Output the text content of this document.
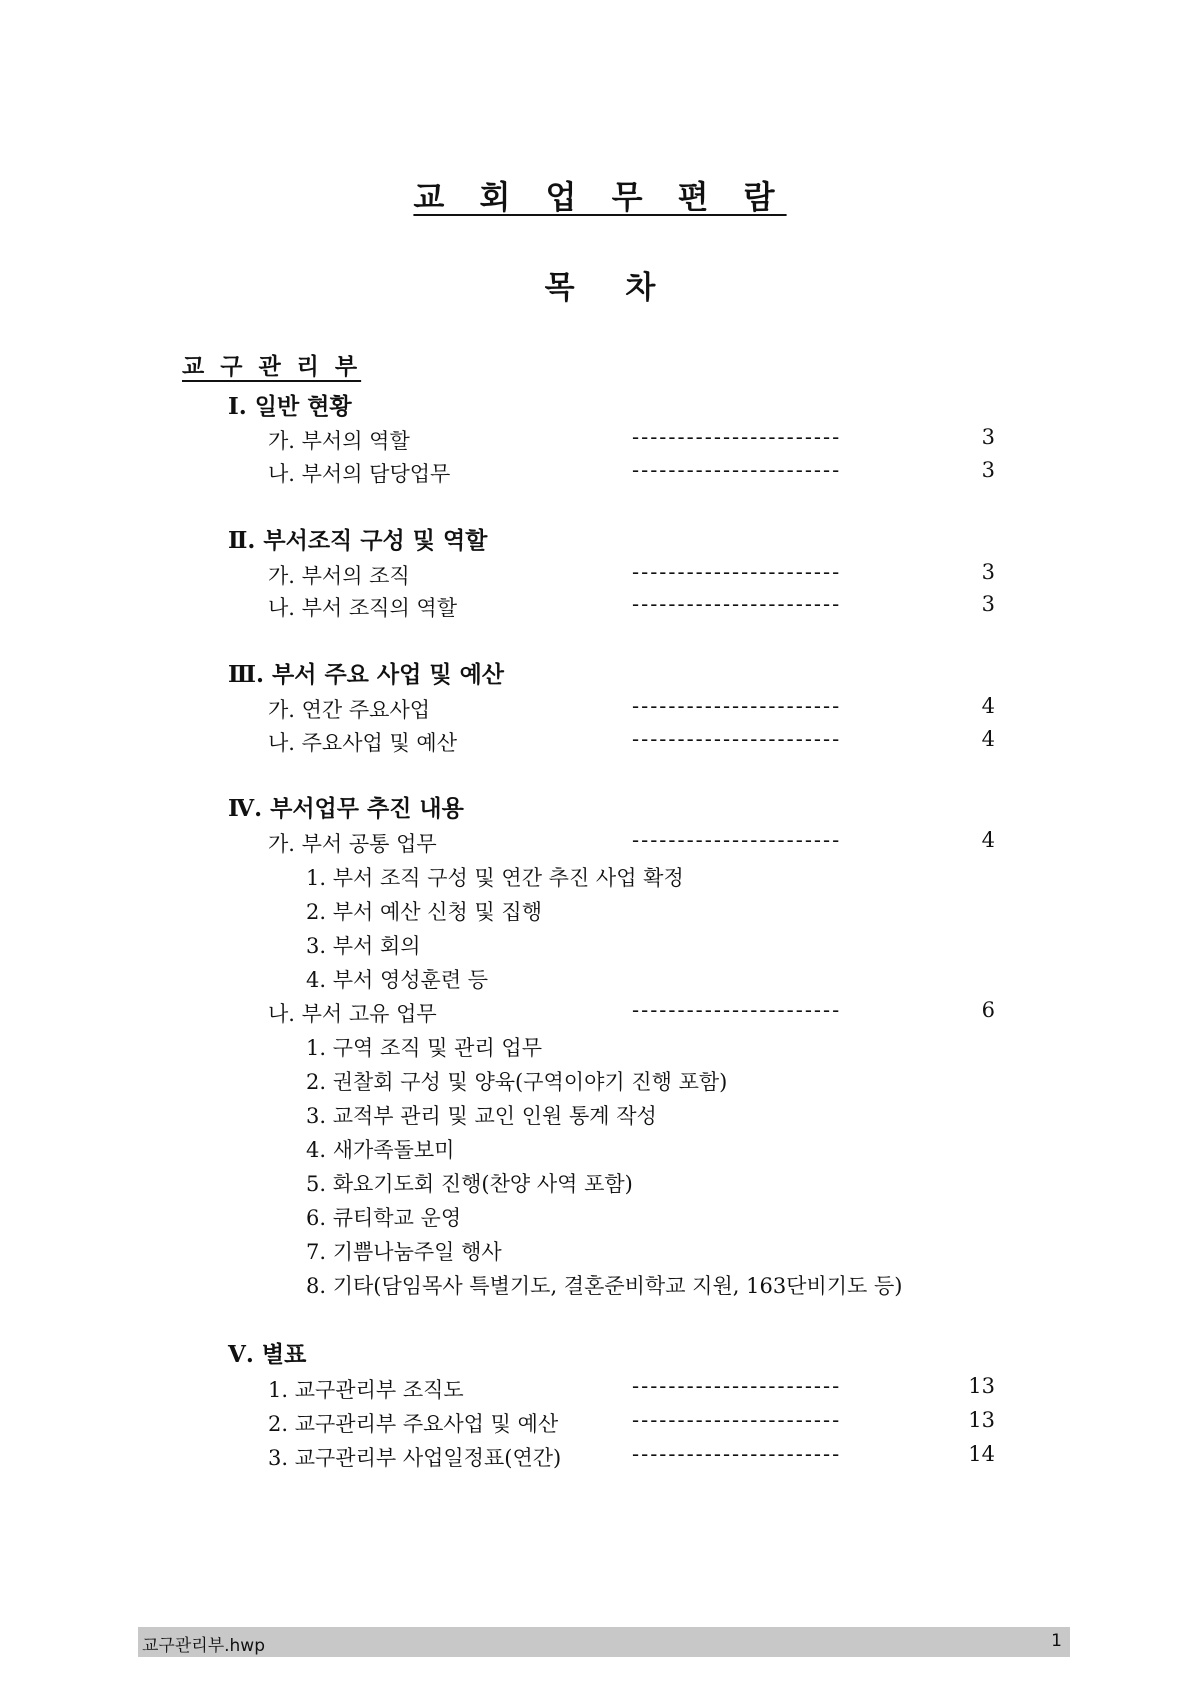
교 회 업 무 편 람
목 차
교 구 관 리 부
Ⅰ. 일반 현황
가. 부서의 역할	-----------------------	3
나. 부서의 담당업무	-----------------------	3
Ⅱ. 부서조직 구성 및 역할
가. 부서의 조직	-----------------------	3
나. 부서 조직의 역할	-----------------------	3
Ⅲ. 부서 주요 사업 및 예산
가. 연간 주요사업	-----------------------	4
나. 주요사업 및 예산	-----------------------	4
Ⅳ. 부서업무 추진 내용
가. 부서 공통 업무	-----------------------	4
1. 부서 조직 구성 및 연간 추진 사업 확정
2. 부서 예산 신청 및 집행
3. 부서 회의
4. 부서 영성훈련 등
나. 부서 고유 업무	-----------------------	6
1. 구역 조직 및 관리 업무
2. 권찰회 구성 및 양육(구역이야기 진행 포함)
3. 교적부 관리 및 교인 인원 통계 작성
4. 새가족돌보미
5. 화요기도회 진행(찬양 사역 포함)
6. 큐티학교 운영
7. 기쁨나눔주일 행사
8. 기타(담임목사 특별기도, 결혼준비학교 지원, 163단비기도 등)
Ⅴ. 별표
1. 교구관리부 조직도	-----------------------	13
2. 교구관리부 주요사업 및 예산	-----------------------	13
3. 교구관리부 사업일정표(연간)	-----------------------	14
교구관리부.hwp	1
